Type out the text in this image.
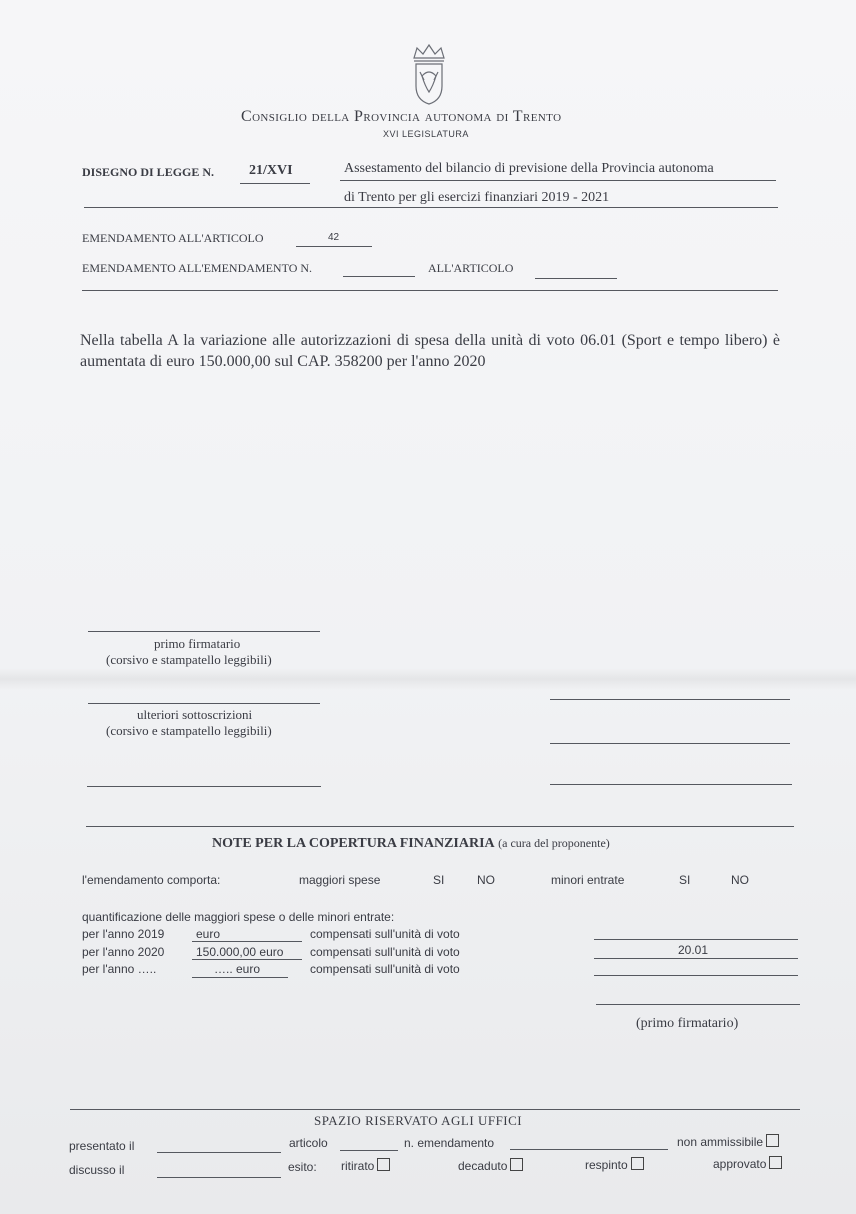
Consiglio della Provincia autonoma di Trento
XVI LEGISLATURA
DISEGNO DI LEGGE N. 21/XVI	Assestamento del bilancio di previsione della Provincia autonoma
di Trento per gli esercizi finanziari 2019 - 2021
EMENDAMENTO ALL'ARTICOLO	42
EMENDAMENTO ALL'EMENDAMENTO N.	ALL'ARTICOLO
Nella tabella A la variazione alle autorizzazioni di spesa della unità di voto 06.01 (Sport e tempo libero) è aumentata di euro 150.000,00 sul CAP. 358200 per l'anno 2020
primo firmatario
(corsivo e stampatello leggibili)
ulteriori sottoscrizioni
(corsivo e stampatello leggibili)
NOTE PER LA COPERTURA FINANZIARIA (a cura del proponente)
l'emendamento comporta:	maggiori spese	SI	NO	minori entrate	SI	NO
quantificazione delle maggiori spese o delle minori entrate:
per l'anno 2019	euro	compensati sull'unità di voto
per l'anno 2020	150.000,00 euro compensati sull'unità di voto	20.01
per l'anno …..	….. euro	compensati sull'unità di voto
(primo firmatario)
SPAZIO RISERVATO AGLI UFFICI
presentato il	articolo	n. emendamento	non ammissibile
discusso il	esito: ritirato	decaduto	respinto	approvato
